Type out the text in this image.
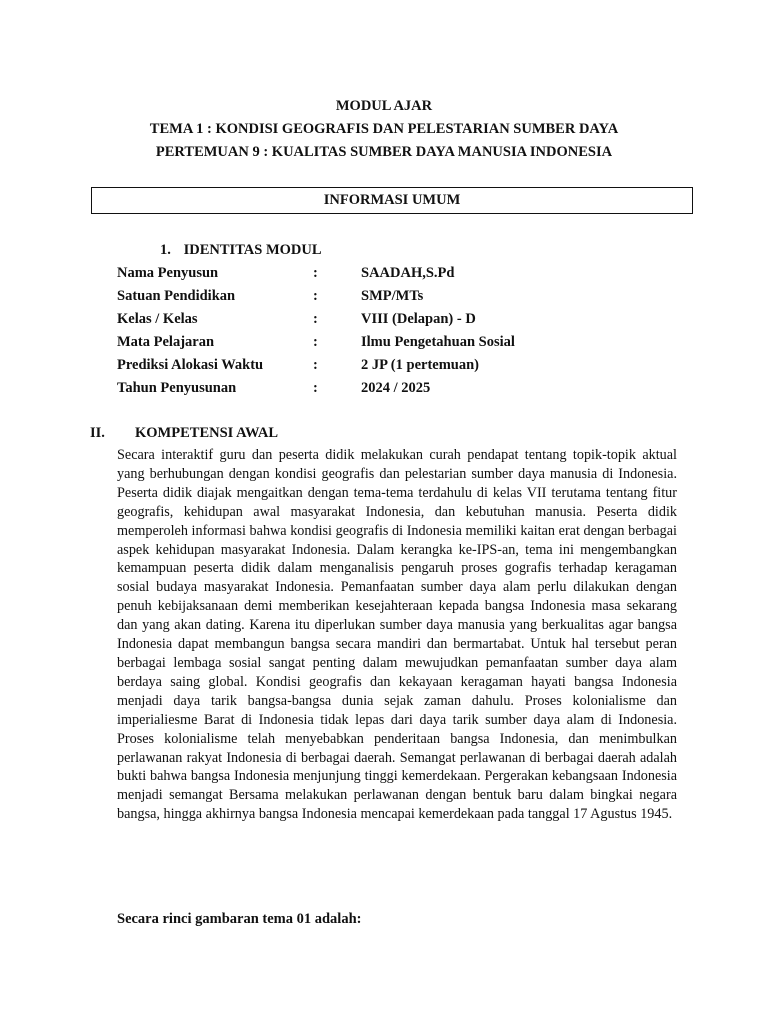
MODUL AJAR
TEMA 1 : KONDISI GEOGRAFIS DAN PELESTARIAN SUMBER DAYA
PERTEMUAN 9 : KUALITAS SUMBER DAYA MANUSIA INDONESIA
INFORMASI UMUM
1. IDENTITAS MODUL
Nama Penyusun	:	SAADAH,S.Pd
Satuan Pendidikan	:	SMP/MTs
Kelas / Kelas	:	VIII (Delapan) - D
Mata Pelajaran	:	Ilmu Pengetahuan Sosial
Prediksi Alokasi Waktu	:	2 JP (1 pertemuan)
Tahun Penyusunan	:	2024 / 2025
II. KOMPETENSI AWAL
Secara interaktif guru dan peserta didik melakukan curah pendapat tentang topik-topik aktual yang berhubungan dengan kondisi geografis dan pelestarian sumber daya manusia di Indonesia. Peserta didik diajak mengaitkan dengan tema-tema terdahulu di kelas VII terutama tentang fitur geografis, kehidupan awal masyarakat Indonesia, dan kebutuhan manusia. Peserta didik memperoleh informasi bahwa kondisi geografis di Indonesia memiliki kaitan erat dengan berbagai aspek kehidupan masyarakat Indonesia. Dalam kerangka ke-IPS-an, tema ini mengembangkan kemampuan peserta didik dalam menganalisis pengaruh proses gografis terhadap keragaman sosial budaya masyarakat Indonesia. Pemanfaatan sumber daya alam perlu dilakukan dengan penuh kebijaksanaan demi memberikan kesejahteraan kepada bangsa Indonesia masa sekarang dan yang akan dating. Karena itu diperlukan sumber daya manusia yang berkualitas agar bangsa Indonesia dapat membangun bangsa secara mandiri dan bermartabat. Untuk hal tersebut peran berbagai lembaga sosial sangat penting dalam mewujudkan pemanfaatan sumber daya alam berdaya saing global. Kondisi geografis dan kekayaan keragaman hayati bangsa Indonesia menjadi daya tarik bangsa-bangsa dunia sejak zaman dahulu. Proses kolonialisme dan imperialiesme Barat di Indonesia tidak lepas dari daya tarik sumber daya alam di Indonesia. Proses kolonialisme telah menyebabkan penderitaan bangsa Indonesia, dan menimbulkan perlawanan rakyat Indonesia di berbagai daerah. Semangat perlawanan di berbagai daerah adalah bukti bahwa bangsa Indonesia menjunjung tinggi kemerdekaan. Pergerakan kebangsaan Indonesia menjadi semangat Bersama melakukan perlawanan dengan bentuk baru dalam bingkai negara bangsa, hingga akhirnya bangsa Indonesia mencapai kemerdekaan pada tanggal 17 Agustus 1945.
Secara rinci gambaran tema 01 adalah:
